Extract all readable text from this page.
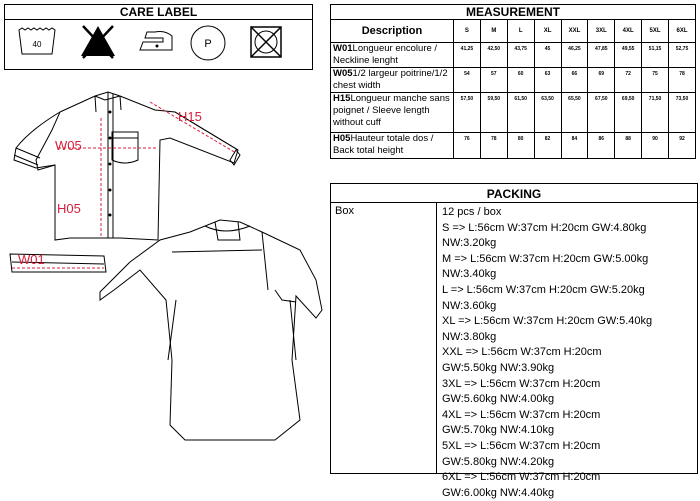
CARE LABEL
40	P
MEASUREMENT									
Description	S	M	L	XL	XXL	3XL	4XL	5XL	6XL
W01Longueur encolure / Neckline lenght	41,25	42,50	43,75	45	46,25	47,85	49,55	51,15	52,75
W051/2 largeur poitrine/1/2 chest width	54	57	60	63	66	69	72	75	78
H15Longueur manche sans poignet / Sleeve length without cuff	57,50	59,50	61,50	63,50	65,50	67,50	69,50	71,50	73,50
H05Hauteur totale dos / Back total height	76	78	80	82	84	86	88	90	92
PACKING
Box	12 pcs / box
S => L:56cm W:37cm H:20cm GW:4.80kg
NW:3.20kg
M => L:56cm W:37cm H:20cm GW:5.00kg
NW:3.40kg
L => L:56cm W:37cm H:20cm GW:5.20kg
NW:3.60kg
XL => L:56cm W:37cm H:20cm GW:5.40kg
NW:3.80kg
XXL => L:56cm W:37cm H:20cm
GW:5.50kg NW:3.90kg
3XL => L:56cm W:37cm H:20cm
GW:5.60kg NW:4.00kg
4XL => L:56cm W:37cm H:20cm
GW:5.70kg NW:4.10kg
5XL => L:56cm W:37cm H:20cm
GW:5.80kg NW:4.20kg
6XL => L:56cm W:37cm H:20cm
GW:6.00kg NW:4.40kg
H15
W05
H05
W01
